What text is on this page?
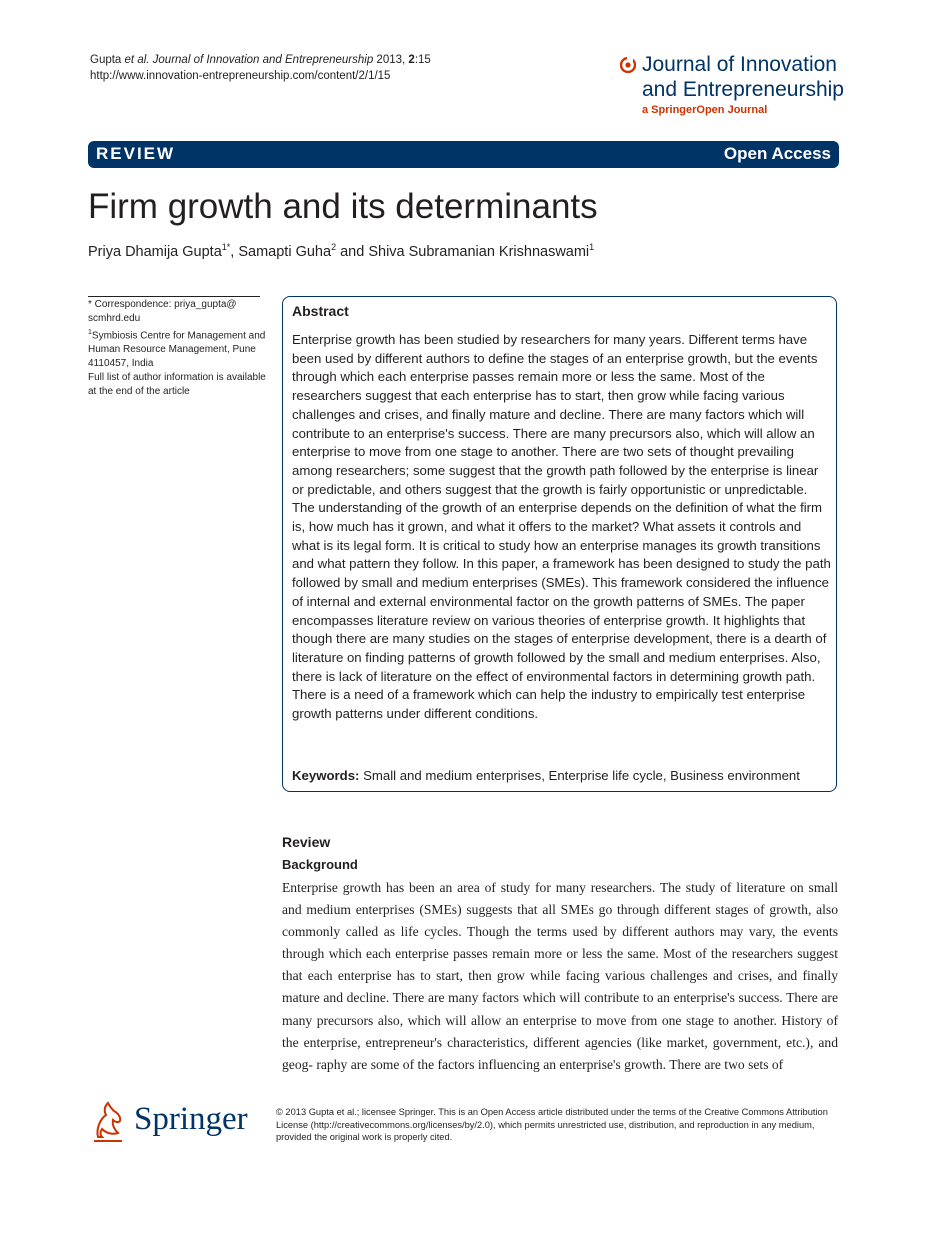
Gupta et al. Journal of Innovation and Entrepreneurship 2013, 2:15
http://www.innovation-entrepreneurship.com/content/2/1/15	Journal of Innovation
and Entrepreneurship
a SpringerOpen Journal
REVIEW	Open Access
Firm growth and its determinants
Priya Dhamija Gupta$^{1*}$, Samapti Guha$^2$ and Shiva Subramanian Krishnaswami$^1$
* Correspondence: priya_gupta@
scmhrd.edu
$^1$Symbiosis Centre for Management and Human Resource Management, Pune 4110457, India
Full list of author information is available at the end of the article
Abstract
Enterprise growth has been studied by researchers for many years. Different terms have been used by different authors to define the stages of an enterprise growth, but the events through which each enterprise passes remain more or less the same. Most of the researchers suggest that each enterprise has to start, then grow while facing various challenges and crises, and finally mature and decline. There are many factors which will contribute to an enterprise's success. There are many precursors also, which will allow an enterprise to move from one stage to another. There are two sets of thought prevailing among researchers; some suggest that the growth path followed by the enterprise is linear or predictable, and others suggest that the growth is fairly opportunistic or unpredictable. The understanding of the growth of an enterprise depends on the definition of what the firm is, how much has it grown, and what it offers to the market? What assets it controls and what is its legal form. It is critical to study how an enterprise manages its growth transitions and what pattern they follow. In this paper, a framework has been designed to study the path followed by small and medium enterprises (SMEs). This framework considered the influence of internal and external environmental factor on the growth patterns of SMEs. The paper encompasses literature review on various theories of enterprise growth. It highlights that though there are many studies on the stages of enterprise development, there is a dearth of literature on finding patterns of growth followed by the small and medium enterprises. Also, there is lack of literature on the effect of environmental factors in determining growth path. There is a need of a framework which can help the industry to empirically test enterprise growth patterns under different conditions.
Keywords: Small and medium enterprises, Enterprise life cycle, Business environment
Review
Background
Enterprise growth has been an area of study for many researchers. The study of literature on small and medium enterprises (SMEs) suggests that all SMEs go through different stages of growth, also commonly called as life cycles. Though the terms used by different authors may vary, the events through which each enterprise passes remain more or less the same. Most of the researchers suggest that each enterprise has to start, then grow while facing various challenges and crises, and finally mature and decline. There are many factors which will contribute to an enterprise's success. There are many precursors also, which will allow an enterprise to move from one stage to another. History of the enterprise, entrepreneur's characteristics, different agencies (like market, government, etc.), and geog- raphy are some of the factors influencing an enterprise's growth. There are two sets of
Springer	© 2013 Gupta et al.; licensee Springer. This is an Open Access article distributed under the terms of the Creative Commons Attribution License (http://creativecommons.org/licenses/by/2.0), which permits unrestricted use, distribution, and reproduction in any medium, provided the original work is properly cited.
